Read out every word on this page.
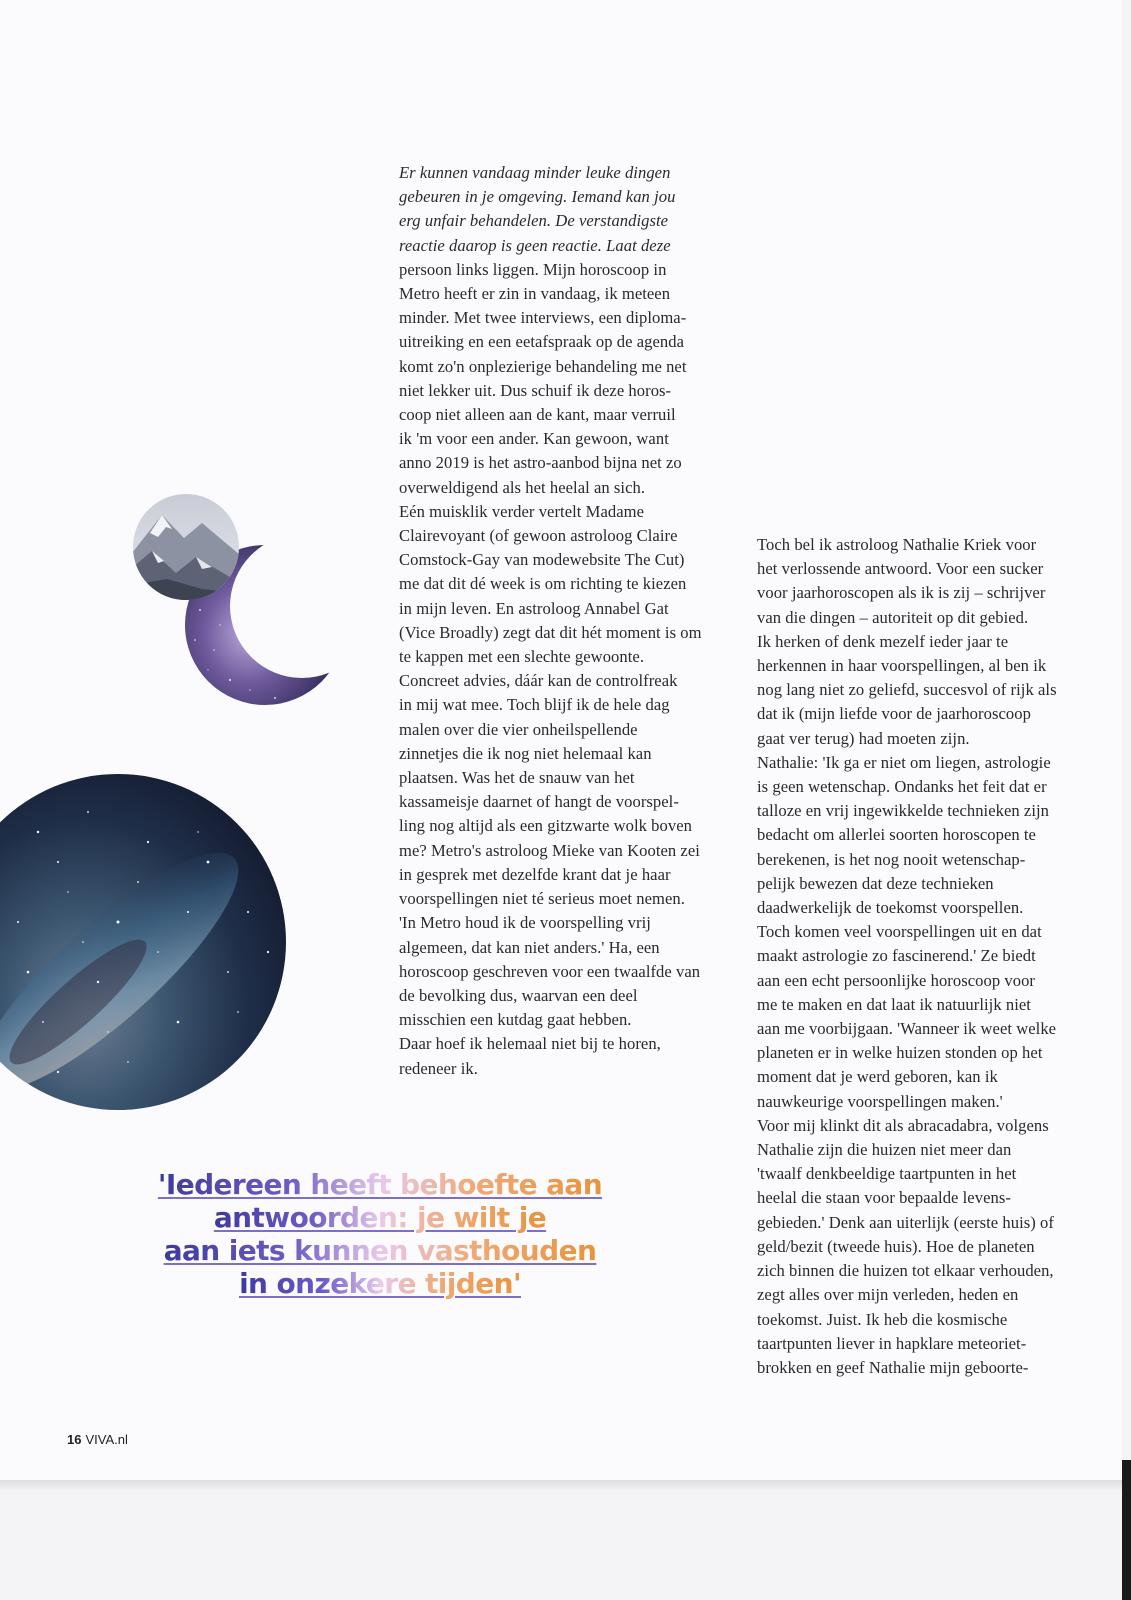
Er kunnen vandaag minder leuke dingen

gebeuren in je omgeving. Iemand kan jou

erg unfair behandelen. De verstandigste

reactie daarop is geen reactie. Laat deze

persoon links liggen. Mijn horoscoop in

Metro heeft er zin in vandaag, ik meteen

minder. Met twee interviews, een diploma-

uitreiking en een eetafspraak op de agenda

komt zo'n onplezierige behandeling me net

niet lekker uit. Dus schuif ik deze horos-

coop niet alleen aan de kant, maar verruil

ik 'm voor een ander. Kan gewoon, want

anno 2019 is het astro-aanbod bijna net zo

overweldigend als het heelal an sich.

Eén muisklik verder vertelt Madame

Clairevoyant (of gewoon astroloog Claire

Comstock-Gay van modewebsite The Cut)

me dat dit dé week is om richting te kiezen

in mijn leven. En astroloog Annabel Gat

(Vice Broadly) zegt dat dit hét moment is om

te kappen met een slechte gewoonte.

Concreet advies, dáár kan de controlfreak

in mij wat mee. Toch blijf ik de hele dag

malen over die vier onheilspellende

zinnetjes die ik nog niet helemaal kan

plaatsen. Was het de snauw van het

kassameisje daarnet of hangt de voorspel-

ling nog altijd als een gitzwarte wolk boven

me? Metro's astroloog Mieke van Kooten zei

in gesprek met dezelfde krant dat je haar

voorspellingen niet té serieus moet nemen.

'In Metro houd ik de voorspelling vrij

algemeen, dat kan niet anders.' Ha, een

horoscoop geschreven voor een twaalfde van

de bevolking dus, waarvan een deel

misschien een kutdag gaat hebben.

Daar hoef ik helemaal niet bij te horen,

redeneer ik.

Toch bel ik astroloog Nathalie Kriek voor

het verlossende antwoord. Voor een sucker

voor jaarhoroscopen als ik is zij – schrijver

van die dingen – autoriteit op dit gebied.

Ik herken of denk mezelf ieder jaar te

herkennen in haar voorspellingen, al ben ik

nog lang niet zo geliefd, succesvol of rijk als

dat ik (mijn liefde voor de jaarhoroscoop

gaat ver terug) had moeten zijn.

Nathalie: 'Ik ga er niet om liegen, astrologie

is geen wetenschap. Ondanks het feit dat er

talloze en vrij ingewikkelde technieken zijn

bedacht om allerlei soorten horoscopen te

berekenen, is het nog nooit wetenschap-

pelijk bewezen dat deze technieken

daadwerkelijk de toekomst voorspellen.

Toch komen veel voorspellingen uit en dat

maakt astrologie zo fascinerend.' Ze biedt

aan een echt persoonlijke horoscoop voor

me te maken en dat laat ik natuurlijk niet

aan me voorbijgaan. 'Wanneer ik weet welke

planeten er in welke huizen stonden op het

moment dat je werd geboren, kan ik

nauwkeurige voorspellingen maken.'

Voor mij klinkt dit als abracadabra, volgens

Nathalie zijn die huizen niet meer dan

'twaalf denkbeeldige taartpunten in het

heelal die staan voor bepaalde levens-

gebieden.' Denk aan uiterlijk (eerste huis) of

geld/bezit (tweede huis). Hoe de planeten

zich binnen die huizen tot elkaar verhouden,

zegt alles over mijn verleden, heden en

toekomst. Juist. Ik heb die kosmische

taartpunten liever in hapklare meteoriet-

brokken en geef Nathalie mijn geboorte-

'Iedereen heeft behoefte aan

antwoorden: je wilt je

aan iets kunnen vasthouden

in onzekere tijden'

16 VIVA.nl
